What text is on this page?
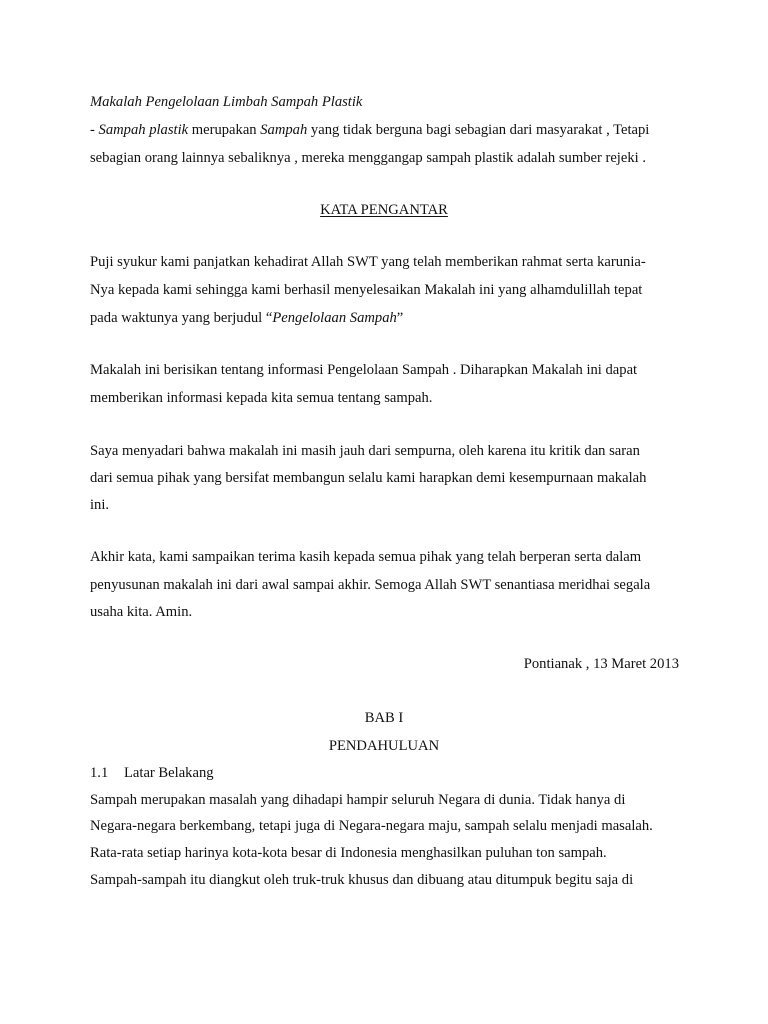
Makalah Pengelolaan Limbah Sampah Plastik
- Sampah plastik merupakan Sampah yang tidak berguna bagi sebagian dari masyarakat , Tetapi
sebagian orang lainnya sebaliknya , mereka menggangap sampah plastik adalah sumber rejeki .
KATA PENGANTAR
Puji syukur kami panjatkan kehadirat Allah SWT yang telah memberikan rahmat serta karunia-
Nya kepada kami sehingga kami berhasil menyelesaikan Makalah ini yang alhamdulillah tepat
pada waktunya yang berjudul “Pengelolaan Sampah”
Makalah ini berisikan tentang informasi Pengelolaan Sampah . Diharapkan Makalah ini dapat
memberikan informasi kepada kita semua tentang sampah.
Saya menyadari bahwa makalah ini masih jauh dari sempurna, oleh karena itu kritik dan saran
dari semua pihak yang bersifat membangun selalu kami harapkan demi kesempurnaan makalah
ini.
Akhir kata, kami sampaikan terima kasih kepada semua pihak yang telah berperan serta dalam
penyusunan makalah ini dari awal sampai akhir. Semoga Allah SWT senantiasa meridhai segala
usaha kita. Amin.
Pontianak , 13 Maret 2013
BAB I
PENDAHULUAN
1.1 Latar Belakang
Sampah merupakan masalah yang dihadapi hampir seluruh Negara di dunia. Tidak hanya di
Negara-negara berkembang, tetapi juga di Negara-negara maju, sampah selalu menjadi masalah.
Rata-rata setiap harinya kota-kota besar di Indonesia menghasilkan puluhan ton sampah.
Sampah-sampah itu diangkut oleh truk-truk khusus dan dibuang atau ditumpuk begitu saja di
